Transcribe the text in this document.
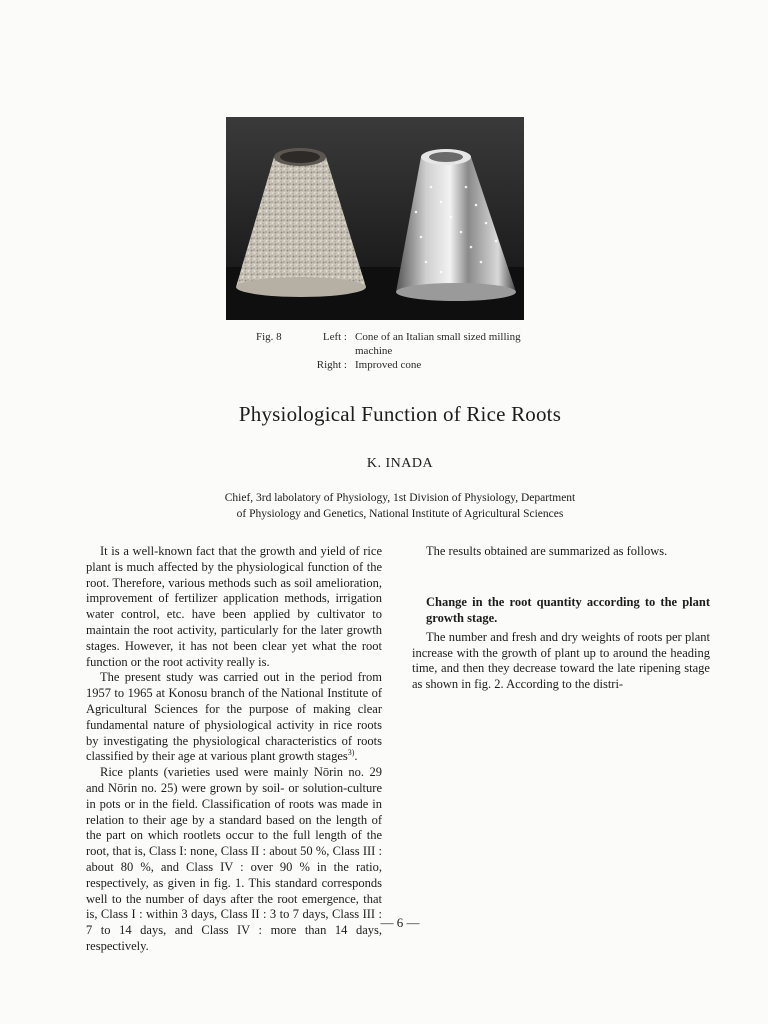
Fig. 8	Left : Cone of an Italian small sized milling machine
Right : Improved cone
Physiological Function of Rice Roots
K. INADA
Chief, 3rd labolatory of Physiology, 1st Division of Physiology, Department
of Physiology and Genetics, National Institute of Agricultural Sciences

It is a well-known fact that the growth and yield of rice plant is much affected by the physiological function of the root. Therefore, various methods such as soil amelioration, improvement of fertilizer application methods, irrigation water control, etc. have been applied by cultivator to maintain the root activity, particularly for the later growth stages. However, it has not been clear yet what the root function or the root activity really is.

The present study was carried out in the period from 1957 to 1965 at Konosu branch of the National Institute of Agricultural Sciences for the purpose of making clear fundamental nature of physiological activity in rice roots by investigating the physiological characteristics of roots classified by their age at various plant growth stages$^{3)}$.

Rice plants (varieties used were mainly Nōrin no. 29 and Nōrin no. 25) were grown by soil- or solution-culture in pots or in the field. Classification of roots was made in relation to their age by a standard based on the length of the part on which rootlets occur to the full length of the root, that is, Class I: none, Class II : about 50 %, Class III : about 80 %, and Class IV : over 90 % in the ratio, respectively, as given in fig. 1. This standard corresponds well to the number of days after the root emergence, that is, Class I : within 3 days, Class II : 3 to 7 days, Class III : 7 to 14 days, and Class IV : more than 14 days, respectively.

The results obtained are summarized as follows.

Change in the root quantity according to the plant growth stage.

The number and fresh and dry weights of roots per plant increase with the growth of plant up to around the heading time, and then they decrease toward the late ripening stage as shown in fig. 2. According to the distri-

— 6 —
